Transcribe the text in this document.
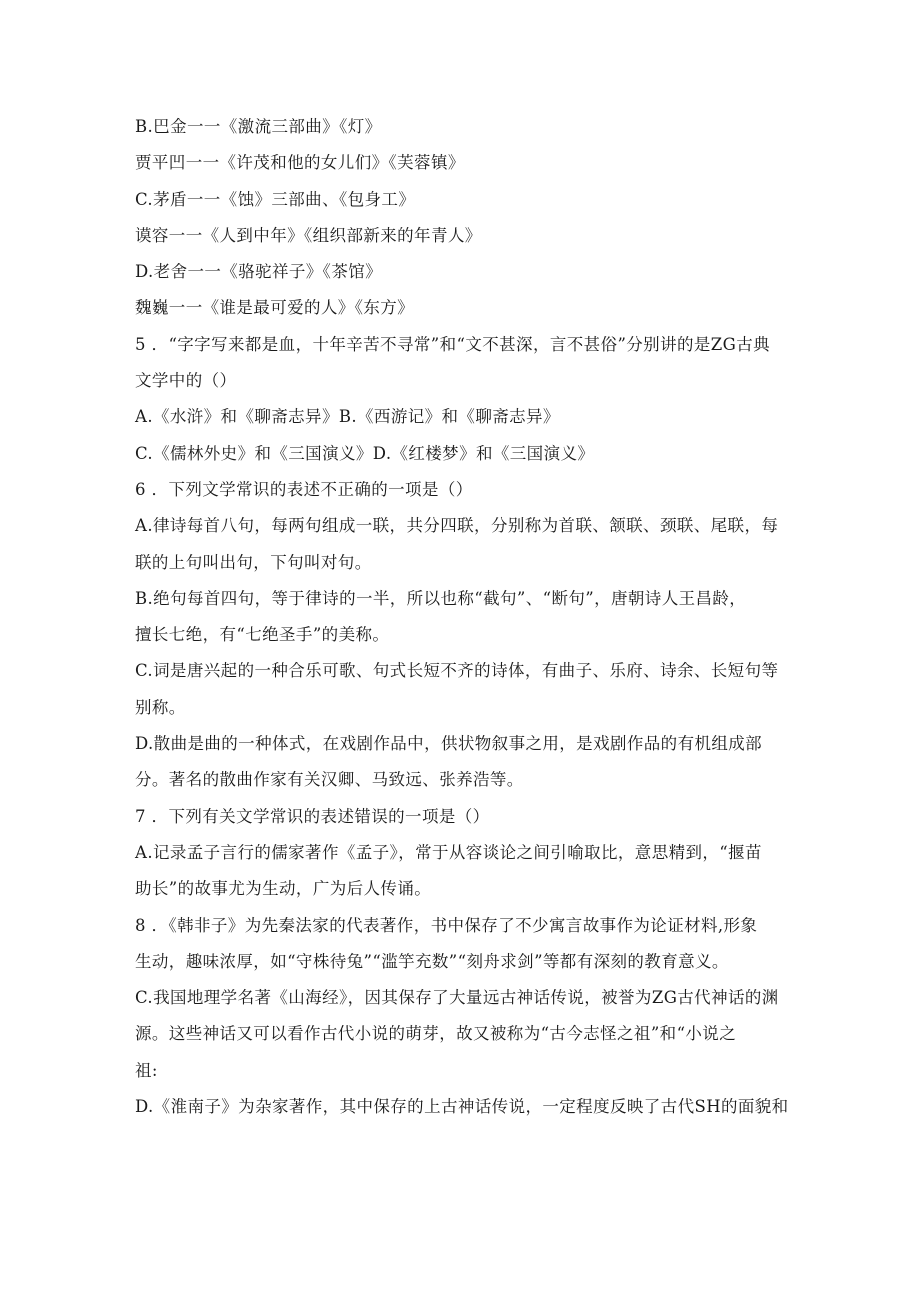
B.巴金一一《激流三部曲》《灯》
贾平凹一一《许茂和他的女儿们》《芙蓉镇》
C.茅盾一一《蚀》三部曲、《包身工》
谟容一一《人到中年》《组织部新来的年青人》
D.老舍一一《骆驼祥子》《茶馆》
魏巍一一《谁是最可爱的人》《东方》
5 ．“字字写来都是血，十年辛苦不寻常”和“文不甚深，言不甚俗”分别讲的是ZG古典
文学中的（）
A.《水浒》和《聊斋志异》B.《西游记》和《聊斋志异》
C.《儒林外史》和《三国演义》D.《红楼梦》和《三国演义》
6 ．下列文学常识的表述不正确的一项是（）
A.律诗每首八句，每两句组成一联，共分四联，分别称为首联、颔联、颈联、尾联，每
联的上句叫出句，下句叫对句。
B.绝句每首四句，等于律诗的一半，所以也称“截句”、“断句”，唐朝诗人王昌龄，
擅长七绝，有“七绝圣手”的美称。
C.词是唐兴起的一种合乐可歌、句式长短不齐的诗体，有曲子、乐府、诗余、长短句等
别称。
D.散曲是曲的一种体式，在戏剧作品中，供状物叙事之用，是戏剧作品的有机组成部
分。著名的散曲作家有关汉卿、马致远、张养浩等。
7 ．下列有关文学常识的表述错误的一项是（）
A.记录孟子言行的儒家著作《孟子》，常于从容谈论之间引喻取比，意思精到，“揠苗
助长”的故事尤为生动，广为后人传诵。
8 ．《韩非子》为先秦法家的代表著作，书中保存了不少寓言故事作为论证材料,形象
生动，趣味浓厚，如“守株待兔”“滥竽充数”“刻舟求剑”等都有深刻的教育意义。
C.我国地理学名著《山海经》，因其保存了大量远古神话传说，被誉为ZG古代神话的渊
源。这些神话又可以看作古代小说的萌芽，故又被称为“古今志怪之祖”和“小说之
祖:
D.《淮南子》为杂家著作，其中保存的上古神话传说，一定程度反映了古代SH的面貌和
